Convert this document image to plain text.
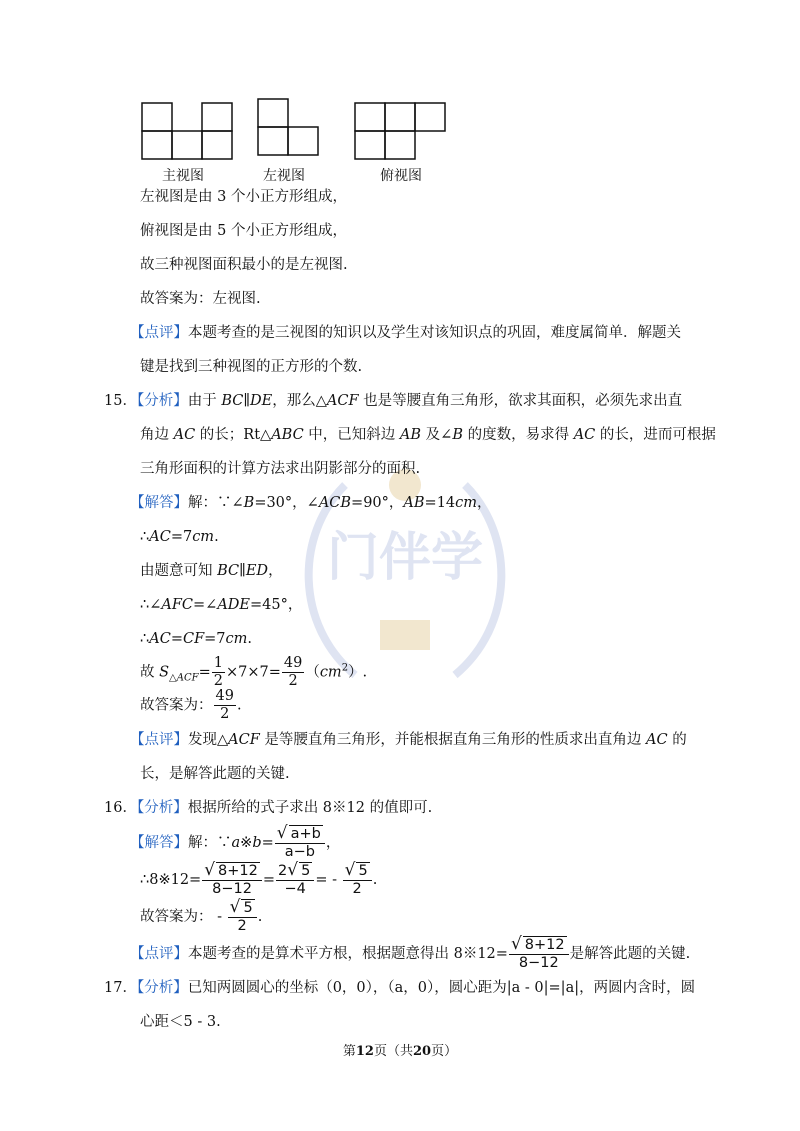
门伴学
主视图	左视图	俯视图
左视图是由 3 个小正方形组成，
俯视图是由 5 个小正方形组成，
故三种视图面积最小的是左视图.
故答案为：左视图.
【点评】本题考查的是三视图的知识以及学生对该知识点的巩固，难度属简单．解题关
键是找到三种视图的正方形的个数.
15．【分析】由于 BC∥DE，那么△ACF 也是等腰直角三角形，欲求其面积，必须先求出直
角边 AC 的长；Rt△ABC 中，已知斜边 AB 及∠B 的度数，易求得 AC 的长，进而可根据
三角形面积的计算方法求出阴影部分的面积.
【解答】解：∵∠B=30°，∠ACB=90°，AB=14cm，
∴AC=7cm.
由题意可知 BC∥ED，
∴∠AFC=∠ADE=45°，
∴AC=CF=7cm.
故 $S_{\triangle ACF}= \frac{1}{2} \times 7\times 7= \frac{49}{2} (cm^2)$.
故答案为： $\frac{49}{2}$ .
【点评】发现△ACF 是等腰直角三角形，并能根据直角三角形的性质求出直角边 AC 的
长，是解答此题的关键.
16．【分析】根据所给的式子求出 8※12 的值即可.
【解答】解：∵a※b= $\frac{√ a+b}{a-b}$ ，
∴8※12= $\frac{√ 8+12}{8-12} = \frac{2√ 5}{-4}$ = - $\frac{√ 5}{2}$ .
故答案为： - $\frac{√ 5}{2}$ .
【点评】本题考查的是算术平方根，根据题意得出 8※12= $\frac{√ 8+12}{8-12}$ 是解答此题的关键.
17．【分析】已知两圆圆心的坐标（0，0），（a，0），圆心距为|a - 0|=|a|，两圆内含时，圆
心距＜5 - 3.
第12页（共20页）
